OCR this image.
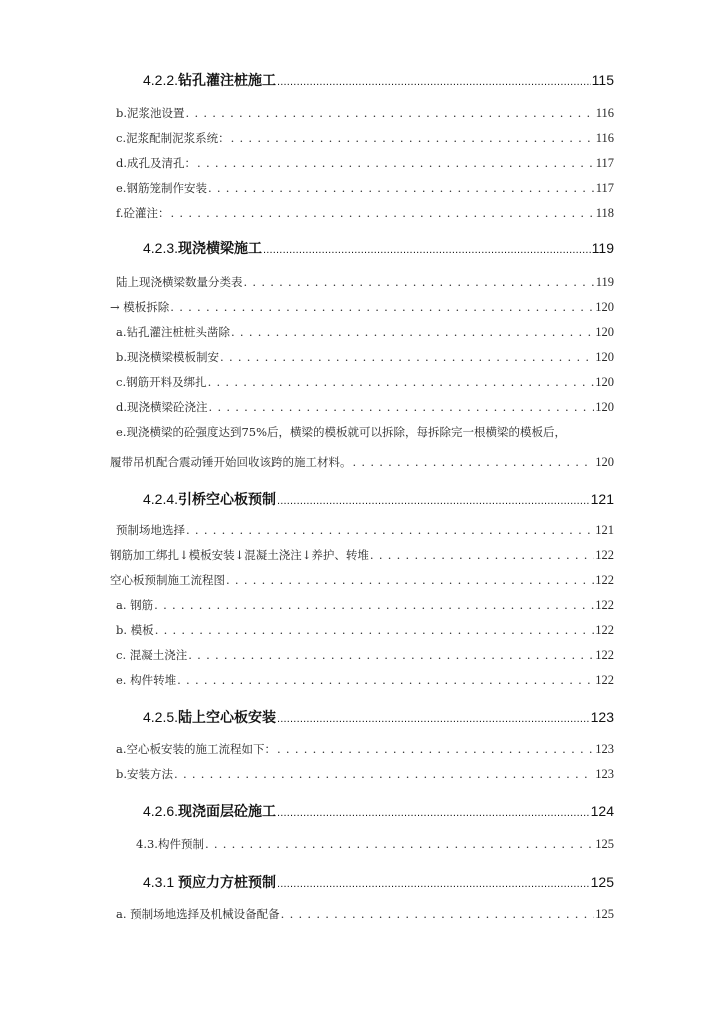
4.2.2.钻孔灌注桩施工 .....	115
b.泥浆池设置 . . .	116
c.泥浆配制泥浆系统： . . .	116
d.成孔及清孔： . . .	117
e.钢筋笼制作安装 . . .	117
f.砼灌注： . . .	118
4.2.3.现浇横梁施工 .....	119
陆上现浇横梁数量分类表 . . .	119
→ 模板拆除 . . .	120
a.钻孔灌注桩桩头凿除 . . .	120
b.现浇横梁模板制安 . . .	120
c.钢筋开料及绑扎 . . .	120
d.现浇横梁砼浇注 . . .	120
e.现浇横梁的砼强度达到75%后，横梁的模板就可以拆除，每拆除完一根横梁的模板后，
履带吊机配合震动锤开始回收该跨的施工材料。 . . .	120
4.2.4.引桥空心板预制 .....	121
预制场地选择 . . .	121
钢筋加工绑扎↓模板安装↓混凝土浇注↓养护、转堆 . . .	122
空心板预制施工流程图 . . .	122
a. 钢筋 . . .	122
b. 模板 . . .	122
c. 混凝土浇注 . . .	122
e. 构件转堆 . . .	122
4.2.5.陆上空心板安装 .....	123
a.空心板安装的施工流程如下： . . .	123
b.安装方法 . . .	123
4.2.6.现浇面层砼施工 .....	124
4.3.构件预制 . . .	125
4.3.1 预应力方桩预制 .....	125
a. 预制场地选择及机械设备配备 . . .	125
